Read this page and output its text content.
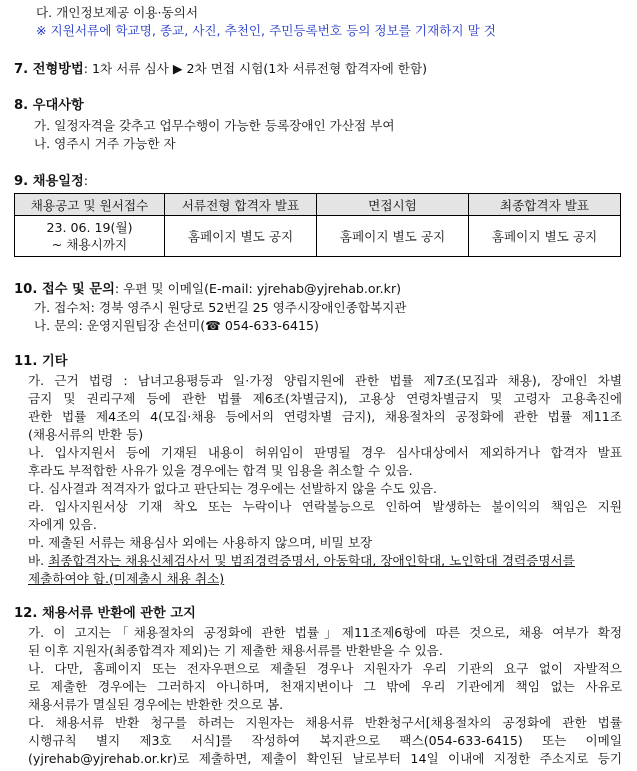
다. 개인정보제공 이용·동의서
※ 지원서류에 학교명, 종교, 사진, 추천인, 주민등록번호 등의 정보를 기재하지 말 것
7. 전형방법: 1차 서류 심사 ▶ 2차 면접 시험(1차 서류전형 합격자에 한함)
8. 우대사항
가. 일정자격을 갖추고 업무수행이 가능한 등록장애인 가산점 부여
나. 영주시 거주 가능한 자
9. 채용일정:
채용공고 및 원서접수	서류전형 합격자 발표	면접시험	최종합격자 발표

23. 06. 19(월)
~ 채용시까지	홈페이지 별도 공지	홈페이지 별도 공지	홈페이지 별도 공지
10. 접수 및 문의: 우편 및 이메일(E-mail: yjrehab@yjrehab.or.kr)
가. 접수처: 경북 영주시 원당로 52번길 25 영주시장애인종합복지관
나. 문의: 운영지원팀장 손선미(☎ 054-633-6415)
11. 기타
가. 근거 법령 : 남녀고용평등과 일·가정 양립지원에 관한 법률 제7조(모집과 채용), 장애인 차별
금지 및 권리구제 등에 관한 법률 제6조(차별금지), 고용상 연령차별금지 및 고령자 고용촉진에
관한 법률 제4조의 4(모집·채용 등에서의 연령차별 금지), 채용절차의 공정화에 관한 법률 제11조
(채용서류의 반환 등)
나. 입사지원서 등에 기재된 내용이 허위임이 판명될 경우 심사대상에서 제외하거나 합격자 발표
후라도 부적합한 사유가 있을 경우에는 합격 및 임용을 취소할 수 있음.
다. 심사결과 적격자가 없다고 판단되는 경우에는 선발하지 않을 수도 있음.
라. 입사지원서상 기재 착오 또는 누락이나 연락불능으로 인하여 발생하는 불이익의 책임은 지원
자에게 있음.
마. 제출된 서류는 채용심사 외에는 사용하지 않으며, 비밀 보장
바. 최종합격자는 채용신체검사서 및 범죄경력증명서, 아동학대, 장애인학대, 노인학대 경력증명서를
제출하여야 함.(미제출시 채용 취소)
12. 채용서류 반환에 관한 고지
가. 이 고지는「채용절차의 공정화에 관한 법률」제11조제6항에 따른 것으로, 채용 여부가 확정
된 이후 지원자(최종합격자 제외)는 기 제출한 채용서류를 반환받을 수 있음.
나. 다만, 홈페이지 또는 전자우편으로 제출된 경우나 지원자가 우리 기관의 요구 없이 자발적으
로 제출한 경우에는 그러하지 아니하며, 천재지변이나 그 밖에 우리 기관에게 책임 없는 사유로
채용서류가 멸실된 경우에는 반환한 것으로 봄.
다. 채용서류 반환 청구를 하려는 지원자는 채용서류 반환청구서[채용절차의 공정화에 관한 법률
시행규칙 별지 제3호 서식]를 작성하여 복지관으로 팩스(054-633-6415) 또는 이메일
(yjrehab@yjrehab.or.kr)로 제출하면, 제출이 확인된 날로부터 14일 이내에 지정한 주소지로 등기
